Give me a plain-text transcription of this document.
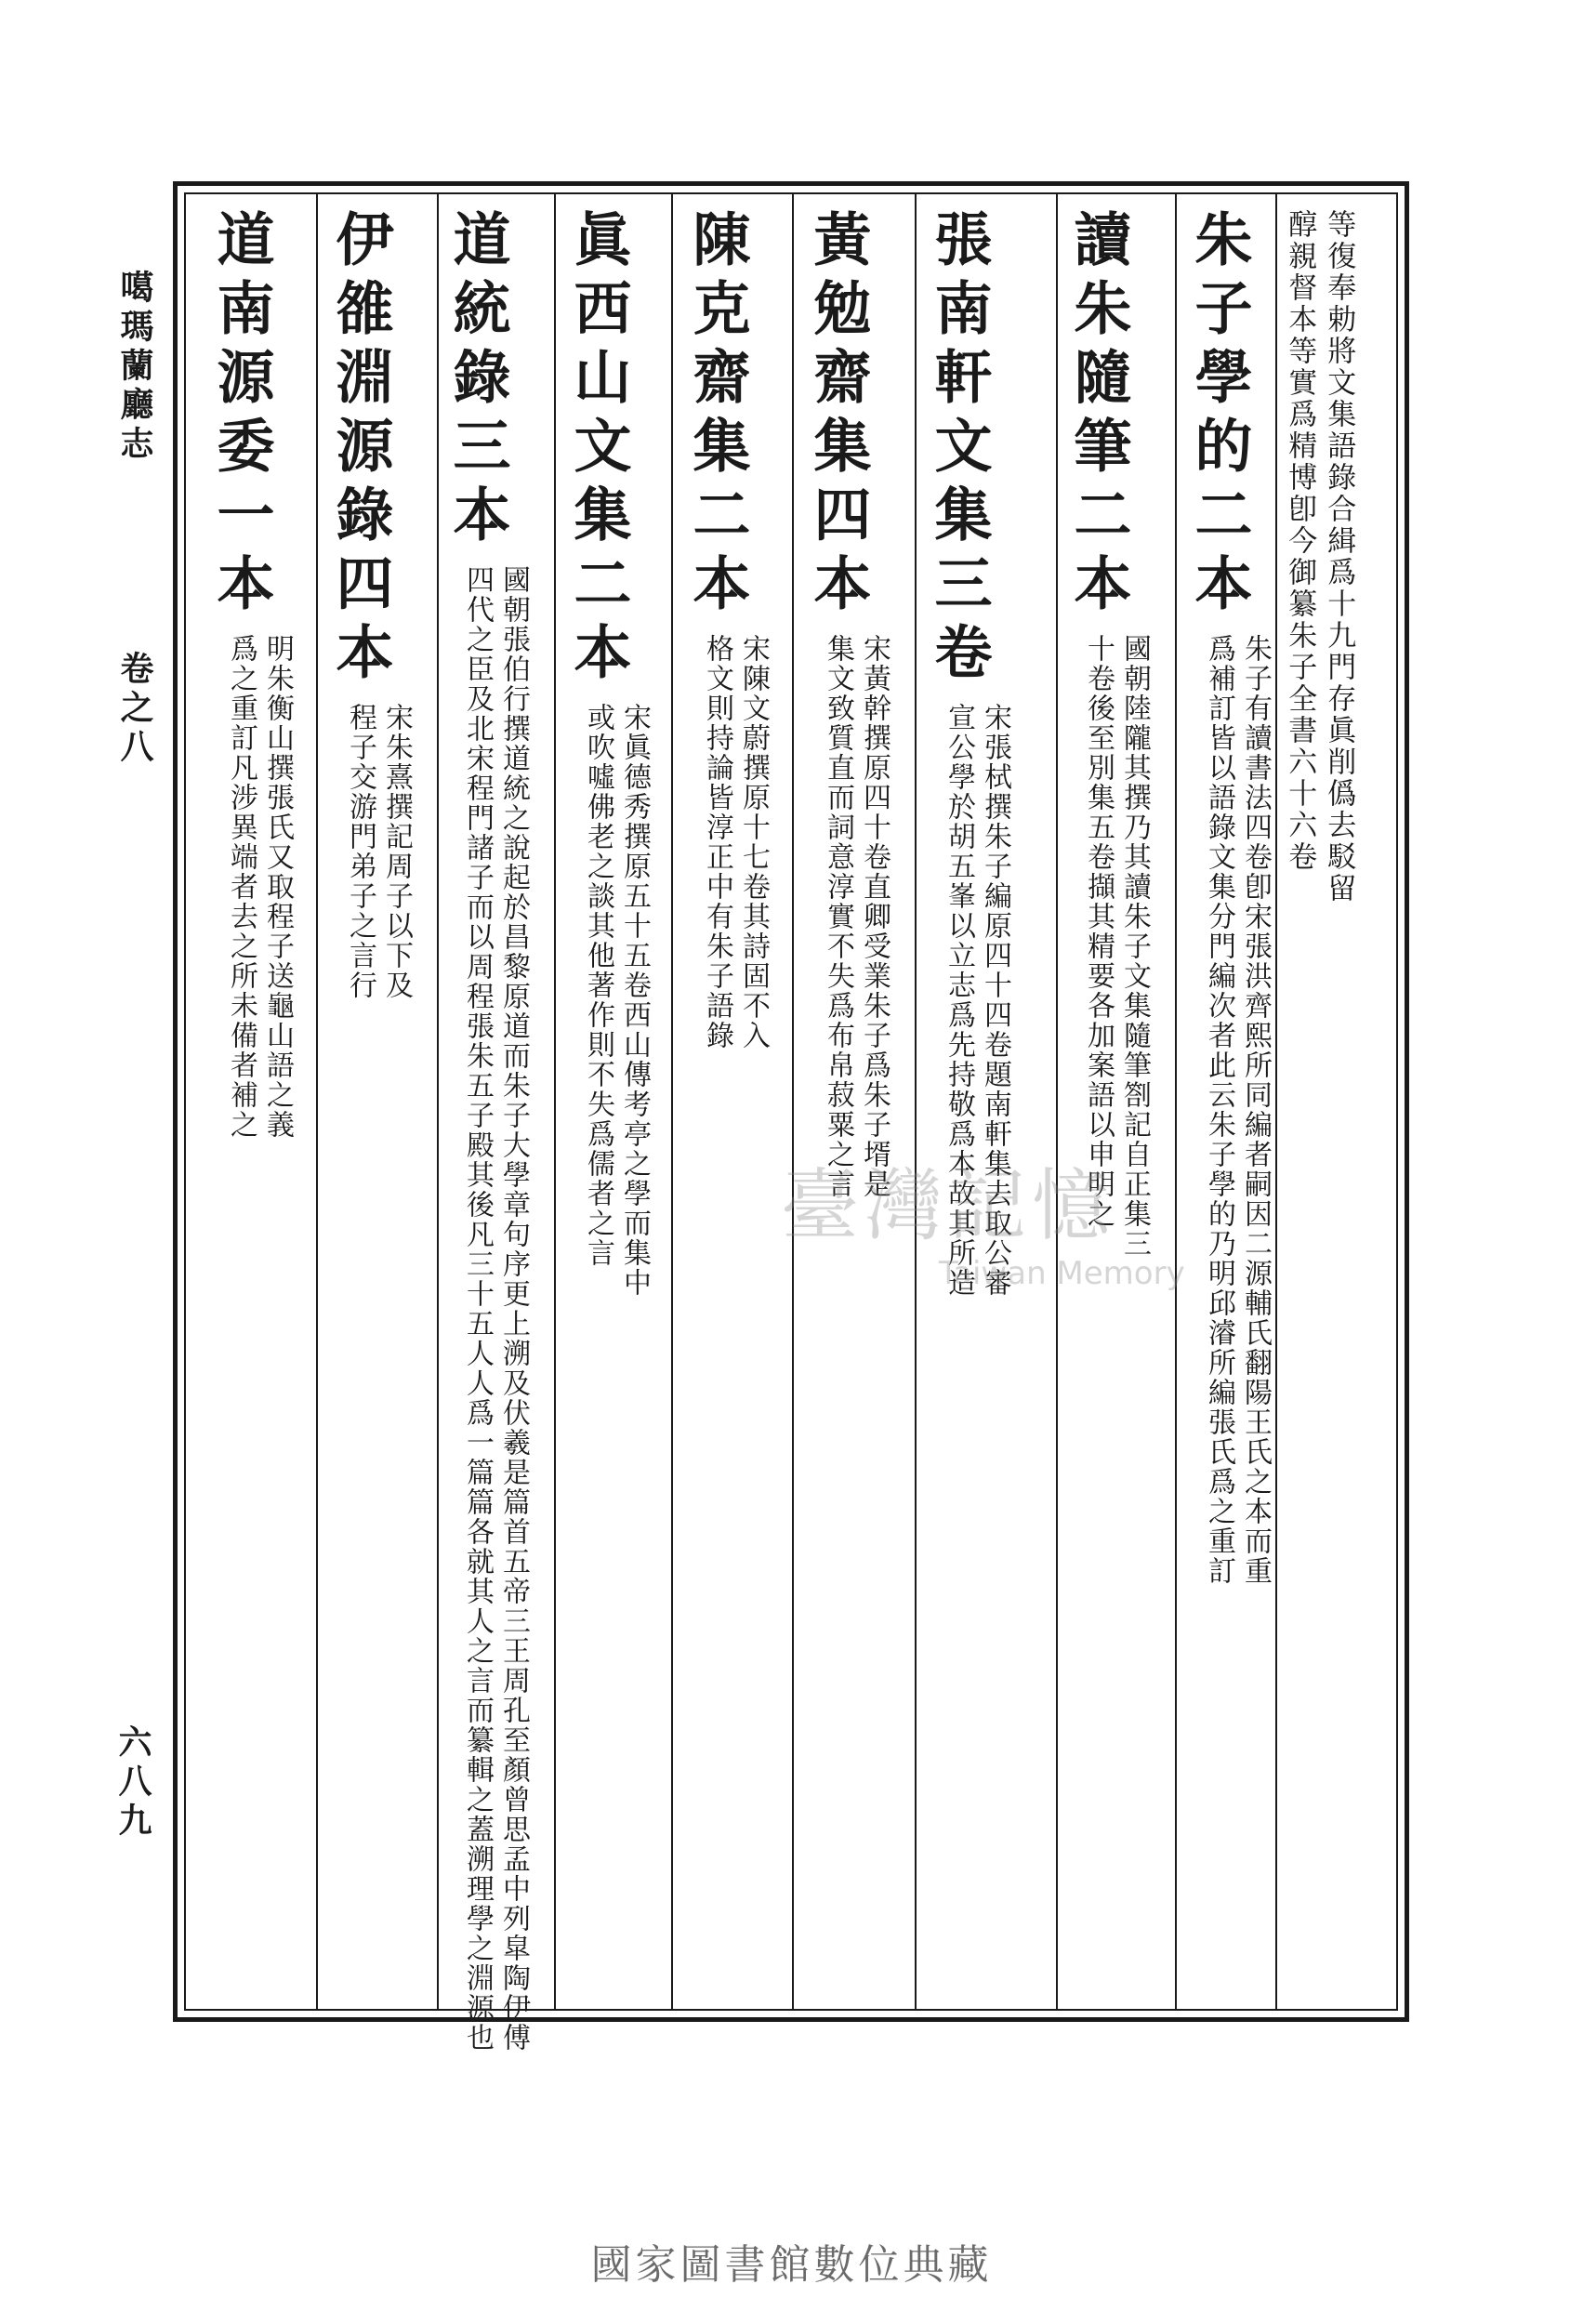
噶瑪蘭廳志
卷之八
六八九
等復奉勅將文集語錄合緝爲十九門存眞削僞去駁留
醇親督本等實爲精博卽今御纂朱子全書六十六卷
朱子學的二本
朱子有讀書法四卷卽宋張洪齊熙所同編者嗣因二源輔氏翻陽王氏之本而重
爲補訂皆以語錄文集分門編次者此云朱子學的乃明邱濬所編張氏爲之重訂
讀朱隨筆二本
國朝陸隴其撰乃其讀朱子文集隨筆劄記自正集三
十卷後至別集五卷擷其精要各加案語以申明之
張南軒文集三卷
宋張栻撰朱子編原四十四卷題南軒集去取公審
宣公學於胡五峯以立志爲先持敬爲本故其所造
黃勉齋集四本
宋黃幹撰原四十卷直卿受業朱子爲朱子壻是
集文致質直而詞意淳實不失爲布帛菽粟之言
陳克齋集二本
宋陳文蔚撰原十七卷其詩固不入
格文則持論皆淳正中有朱子語錄
眞西山文集二本
宋眞德秀撰原五十五卷西山傳考亭之學而集中
或吹噓佛老之談其他著作則不失爲儒者之言
道統錄三本
國朝張伯行撰道統之說起於昌黎原道而朱子大學章句序更上溯及伏羲是篇首五帝三王周孔至顏曾思孟中列皐陶伊傅
四代之臣及北宋程門諸子而以周程張朱五子殿其後凡三十五人人爲一篇篇各就其人之言而纂輯之蓋溯理學之淵源也
伊雒淵源錄四本
宋朱熹撰記周子以下及
程子交游門弟子之言行
道南源委一本
明朱衡山撰張氏又取程子送龜山語之義
爲之重訂凡涉異端者去之所未備者補之
臺灣記憶
Taiwan Memory
國家圖書館數位典藏
